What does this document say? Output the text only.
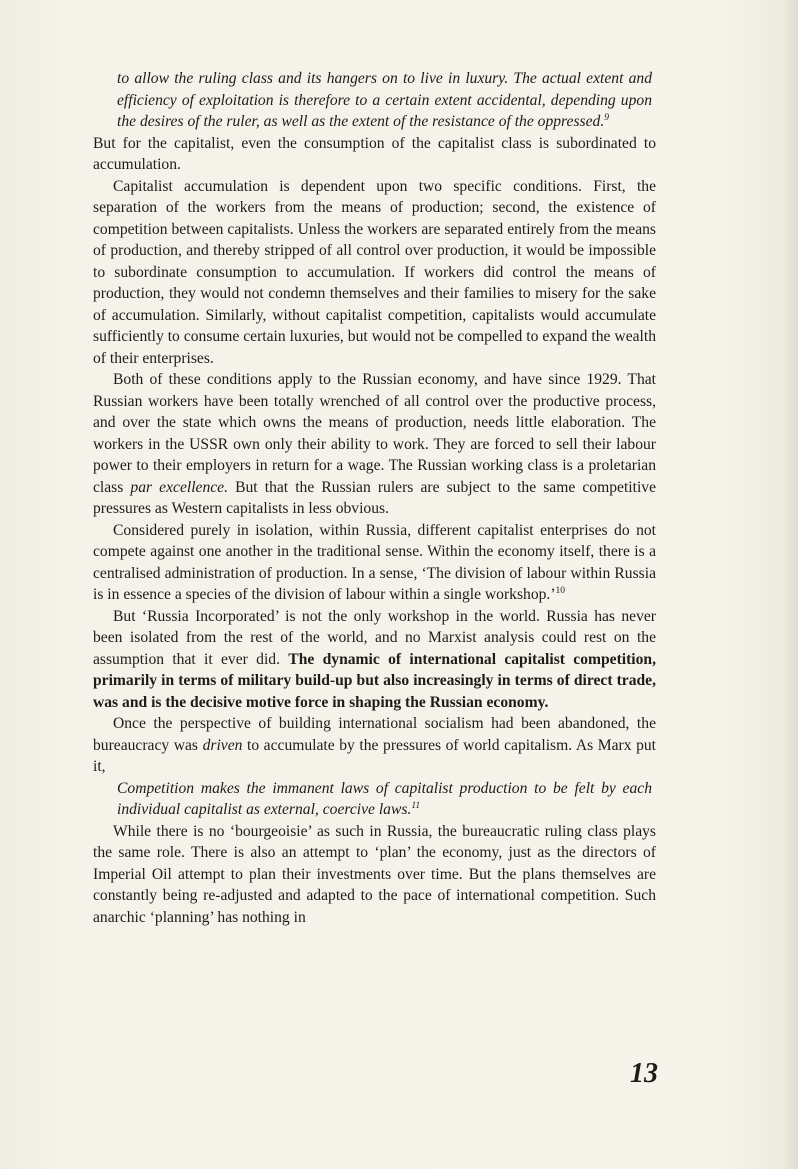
to allow the ruling class and its hangers on to live in luxury. The actual extent and efficiency of exploitation is therefore to a certain extent accidental, depending upon the desires of the ruler, as well as the extent of the resistance of the oppressed.$^9$

But for the capitalist, even the consumption of the capitalist class is subordinated to accumulation.

Capitalist accumulation is dependent upon two specific conditions. First, the separation of the workers from the means of production; second, the existence of competition between capitalists. Unless the workers are separated entirely from the means of production, and thereby stripped of all control over production, it would be impossible to subordinate consumption to accumulation. If workers did control the means of production, they would not condemn themselves and their families to misery for the sake of accumulation. Similarly, without capitalist competition, capitalists would accumulate sufficiently to consume certain luxuries, but would not be compelled to expand the wealth of their enterprises.

Both of these conditions apply to the Russian economy, and have since 1929. That Russian workers have been totally wrenched of all control over the productive process, and over the state which owns the means of production, needs little elaboration. The workers in the USSR own only their ability to work. They are forced to sell their labour power to their employers in return for a wage. The Russian working class is a proletarian class par excellence. But that the Russian rulers are subject to the same competitive pressures as Western capitalists in less obvious.

Considered purely in isolation, within Russia, different capitalist enterprises do not compete against one another in the traditional sense. Within the economy itself, there is a centralised administration of production. In a sense, ‘The division of labour within Russia is in essence a species of the division of labour within a single workshop.’$^{10}$

But ‘Russia Incorporated’ is not the only workshop in the world. Russia has never been isolated from the rest of the world, and no Marxist analysis could rest on the assumption that it ever did. The dynamic of international capitalist competition, primarily in terms of military build-up but also increasingly in terms of direct trade, was and is the decisive motive force in shaping the Russian economy.

Once the perspective of building international socialism had been abandoned, the bureaucracy was driven to accumulate by the pressures of world capitalism. As Marx put it,

Competition makes the immanent laws of capitalist production to be felt by each individual capitalist as external, coercive laws.$^{11}$

While there is no ‘bourgeoisie’ as such in Russia, the bureaucratic ruling class plays the same role. There is also an attempt to ‘plan’ the economy, just as the directors of Imperial Oil attempt to plan their investments over time. But the plans themselves are constantly being re-adjusted and adapted to the pace of international competition. Such anarchic ‘planning’ has nothing in

13
